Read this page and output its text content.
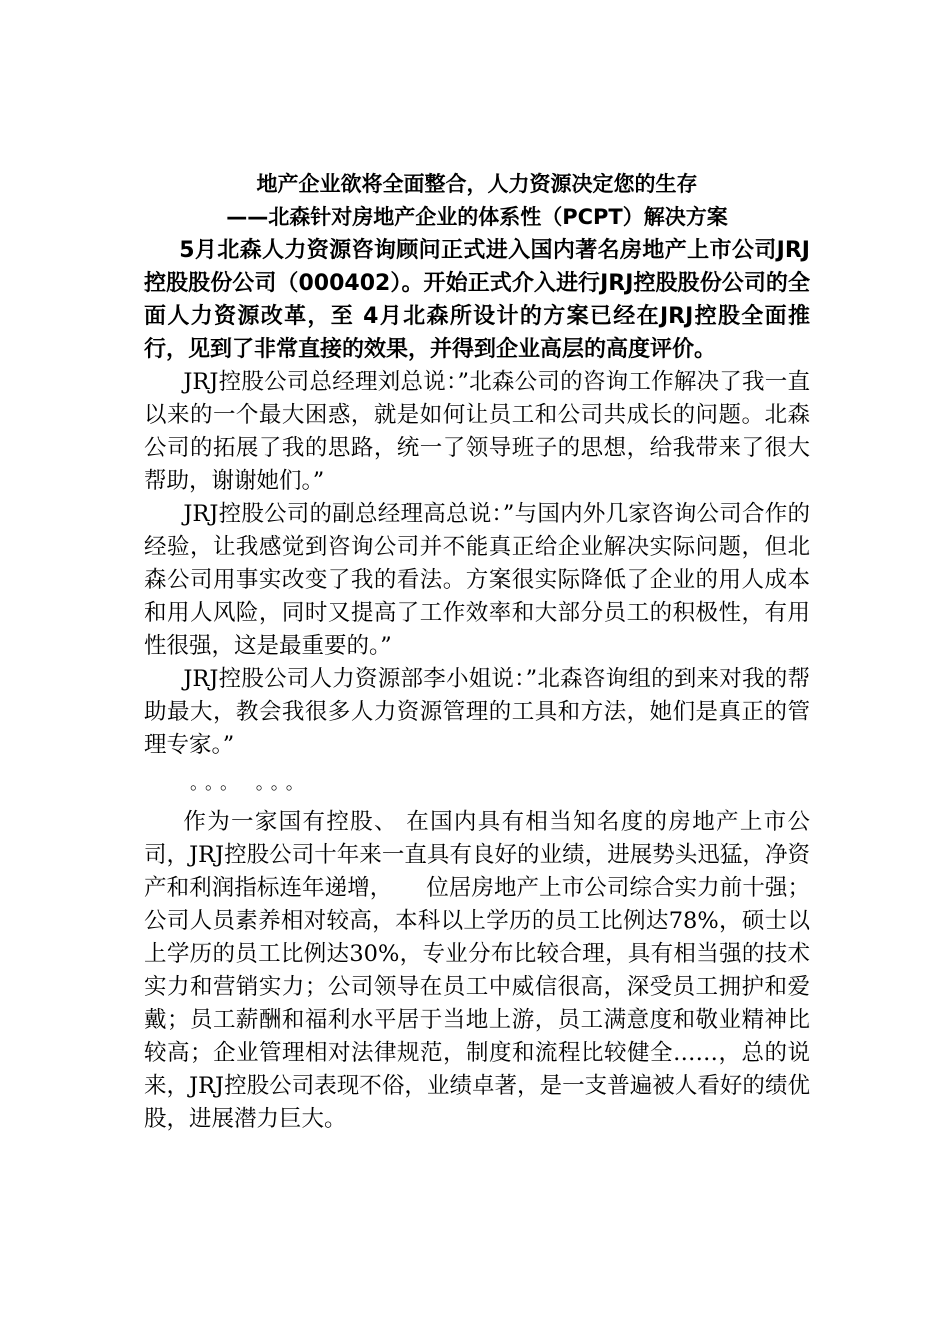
地产企业欲将全面整合，人力资源决定您的生存

——北森针对房地产企业的体系性（PCPT）解决方案

5月北森人力资源咨询顾问正式进入国内著名房地产上市公司JRJ控股股份公司（000402）。开始正式介入进行JRJ控股股份公司的全面人力资源改革，至 4月北森所设计的方案已经在JRJ控股全面推行，见到了非常直接的效果，并得到企业高层的高度评价。

JRJ控股公司总经理刘总说：”北森公司的咨询工作解决了我一直以来的一个最大困惑，就是如何让员工和公司共成长的问题。北森公司的拓展了我的思路，统一了领导班子的思想，给我带来了很大帮助，谢谢她们。”

JRJ控股公司的副总经理高总说：”与国内外几家咨询公司合作的经验，让我感觉到咨询公司并不能真正给企业解决实际问题，但北森公司用事实改变了我的看法。方案很实际降低了企业的用人成本和用人风险，同时又提高了工作效率和大部分员工的积极性，有用性很强，这是最重要的。”

JRJ控股公司人力资源部李小姐说：”北森咨询组的到来对我的帮助最大，教会我很多人力资源管理的工具和方法，她们是真正的管理专家。”

。。。 。。。

作为一家国有控股、 在国内具有相当知名度的房地产上市公司，JRJ控股公司十年来一直具有良好的业绩，进展势头迅猛，净资产和利润指标连年递增，　　位居房地产上市公司综合实力前十强；公司人员素养相对较高，本科以上学历的员工比例达78%，硕士以上学历的员工比例达30%，专业分布比较合理，具有相当强的技术实力和营销实力；公司领导在员工中威信很高，深受员工拥护和爱戴；员工薪酬和福利水平居于当地上游，员工满意度和敬业精神比较高；企业管理相对法律规范，制度和流程比较健全……，总的说来，JRJ控股公司表现不俗，业绩卓著，是一支普遍被人看好的绩优股，进展潜力巨大。
